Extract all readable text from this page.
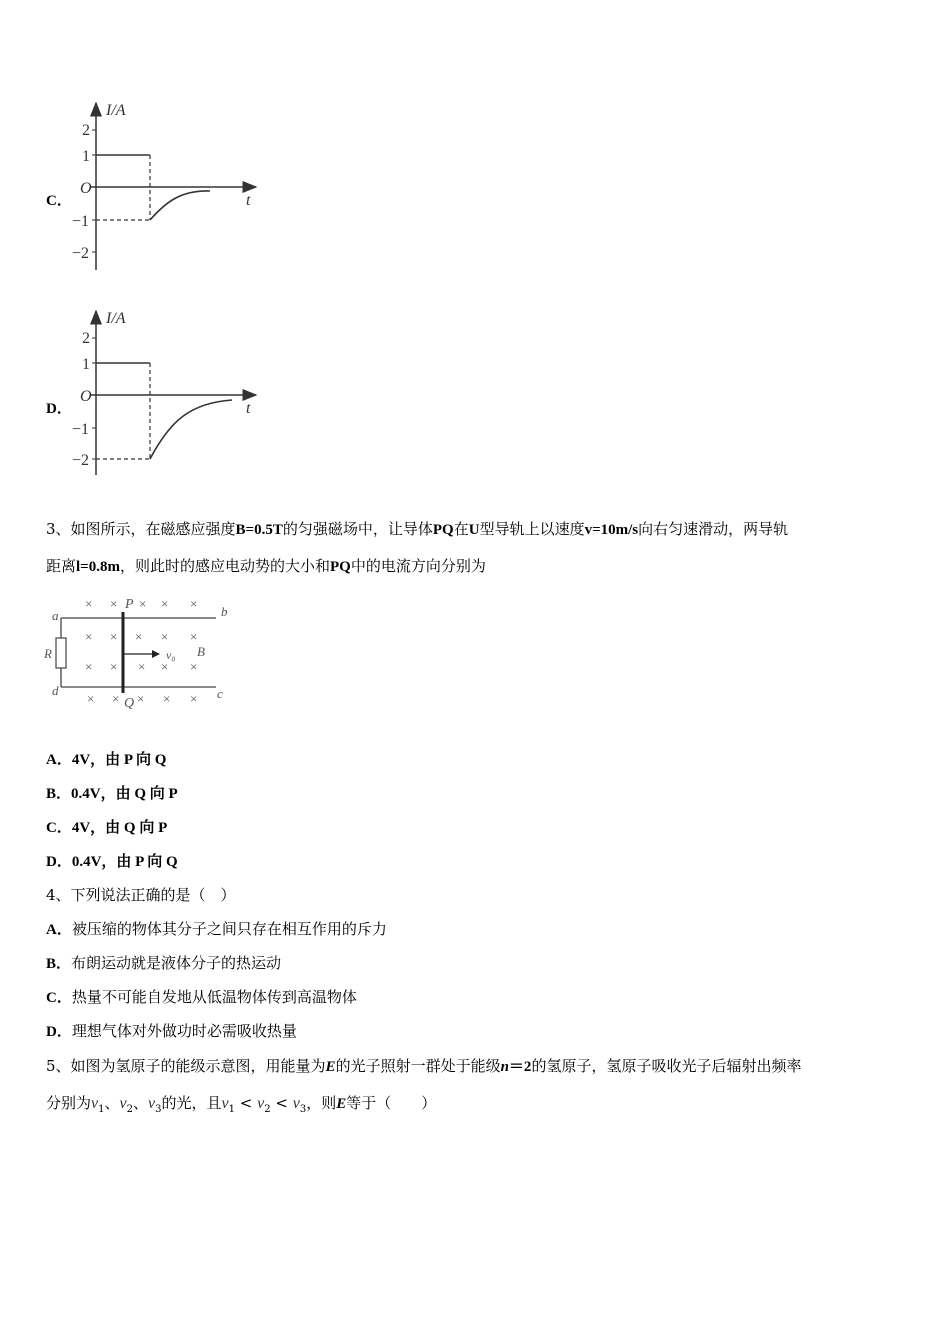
C．
I/A
t
O
2
1
−1
−2
D．
I/A
t
O
2
1
−1
−2
3、如图所示，在磁感应强度B=0.5T的匀强磁场中，让导体PQ在U型导轨上以速度v=10m/s向右匀速滑动，两导轨
距离l=0.8m，则此时的感应电动势的大小和PQ中的电流方向分别为
a	b
c
d
P
Q
R	B
v₀
× × × × ×
× × × × ×
× × × × ×
× × × × ×
A．4V，由 P 向 Q
B．0.4V，由 Q 向 P
C．4V，由 Q 向 P
D．0.4V，由 P 向 Q
4、下列说法正确的是（　）
A．被压缩的物体其分子之间只存在相互作用的斥力
B．布朗运动就是液体分子的热运动
C．热量不可能自发地从低温物体传到高温物体
D．理想气体对外做功时必需吸收热量
5、如图为氢原子的能级示意图，用能量为E的光子照射一群处于能级n＝2的氢原子，氢原子吸收光子后辐射出频率
分别为$\nu_1$、$\nu_2$、$\nu_3$的光，且$\nu_1 < \nu_2 < \nu_3$，则E等于（　　）
